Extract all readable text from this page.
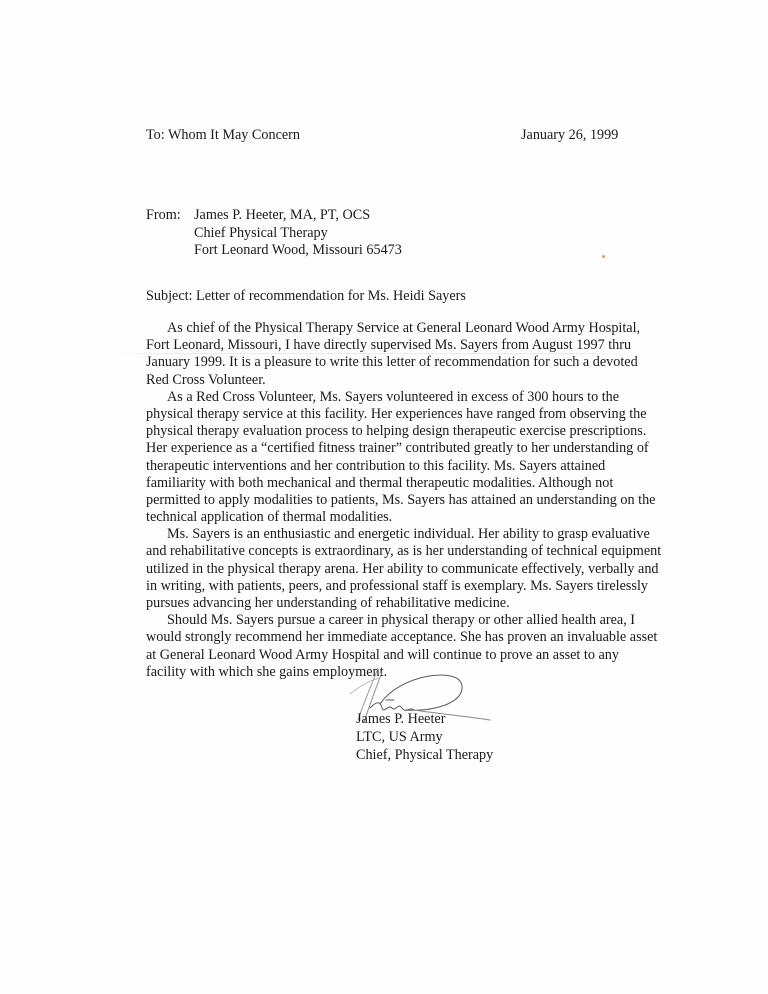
To: Whom It May Concern	January 26, 1999
From: James P. Heeter, MA, PT, OCS
Chief Physical Therapy
Fort Leonard Wood, Missouri 65473
Subject: Letter of recommendation for Ms. Heidi Sayers
As chief of the Physical Therapy Service at General Leonard Wood Army Hospital,
Fort Leonard, Missouri, I have directly supervised Ms. Sayers from August 1997 thru
January 1999. It is a pleasure to write this letter of recommendation for such a devoted
Red Cross Volunteer.
As a Red Cross Volunteer, Ms. Sayers volunteered in excess of 300 hours to the
physical therapy service at this facility. Her experiences have ranged from observing the
physical therapy evaluation process to helping design therapeutic exercise prescriptions.
Her experience as a “certified fitness trainer” contributed greatly to her understanding of
therapeutic interventions and her contribution to this facility. Ms. Sayers attained
familiarity with both mechanical and thermal therapeutic modalities. Although not
permitted to apply modalities to patients, Ms. Sayers has attained an understanding on the
technical application of thermal modalities.
Ms. Sayers is an enthusiastic and energetic individual. Her ability to grasp evaluative
and rehabilitative concepts is extraordinary, as is her understanding of technical equipment
utilized in the physical therapy arena. Her ability to communicate effectively, verbally and
in writing, with patients, peers, and professional staff is exemplary. Ms. Sayers tirelessly
pursues advancing her understanding of rehabilitative medicine.
Should Ms. Sayers pursue a career in physical therapy or other allied health area, I
would strongly recommend her immediate acceptance. She has proven an invaluable asset
at General Leonard Wood Army Hospital and will continue to prove an asset to any
facility with which she gains employment.
James P. Heeter
LTC, US Army
Chief, Physical Therapy
